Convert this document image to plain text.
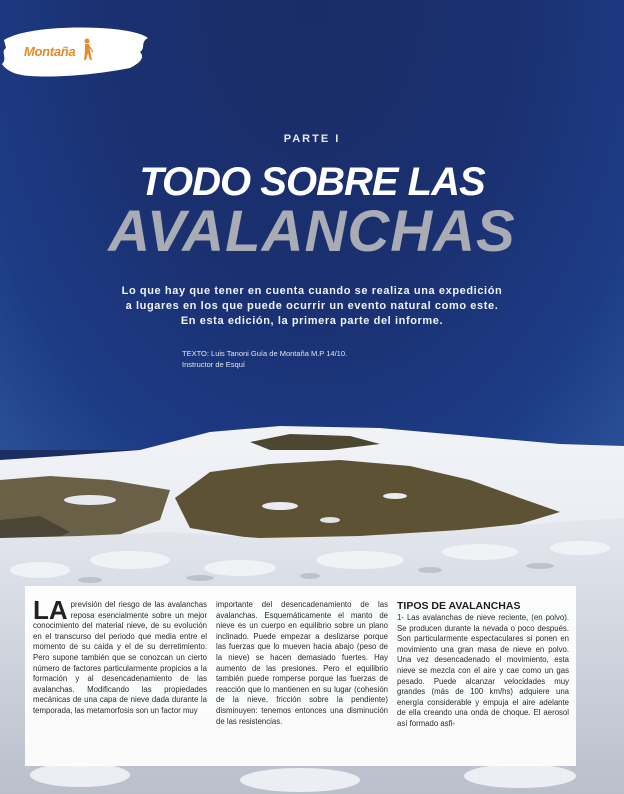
Montaña
PARTE I
TODO SOBRE LAS
AVALANCHAS
Lo que hay que tener en cuenta cuando se realiza una expedición
a lugares en los que puede ocurrir un evento natural como este.
En esta edición, la primera parte del informe.
TEXTO: Luis Tanoni Guía de Montaña M.P 14/10.
Instructor de Esquí
LA previsión del riesgo de las avalanchas reposa esencialmente sobre un mejor conocimiento del material nieve, de su evolución en el transcurso del periodo que media entre el momento de su caída y el de su derretimiento. Pero supone también que se conozcan un cierto número de factores particularmente propicios a la formación y al desencadenamiento de las avalanchas. Modificando las propiedades mecánicas de una capa de nieve dada durante la temporada, las metamorfosis son un factor muy
importante del desencadenamiento de las avalanchas. Esquemáticamente el manto de nieve es un cuerpo en equilibrio sobre un plano inclinado. Puede empezar a deslizarse porque las fuerzas que lo mueven hacia abajo (peso de la nieve) se hacen demasiado fuertes. Hay aumento de las presiones. Pero el equilibrio también puede romperse porque las fuerzas de reacción que lo mantienen en su lugar (cohesión de la nieve, fricción sobre la pendiente) disminuyen: tenemos entonces una disminución de las resistencias.
TIPOS DE AVALANCHAS
1- Las avalanchas de nieve reciente, (en polvo). Se producen durante la nevada o poco después. Son particularmente espectaculares si ponen en movimiento una gran masa de nieve en polvo. Una vez desencadenado el movimiento, esta nieve se mezcla con el aire y cae como un gas pesado. Puede alcanzar velocidades muy grandes (más de 100 km/hs) adquiere una energía considerable y empuja el aire adelante de ella creando una onda de choque. El aerosol así formado asfi-
